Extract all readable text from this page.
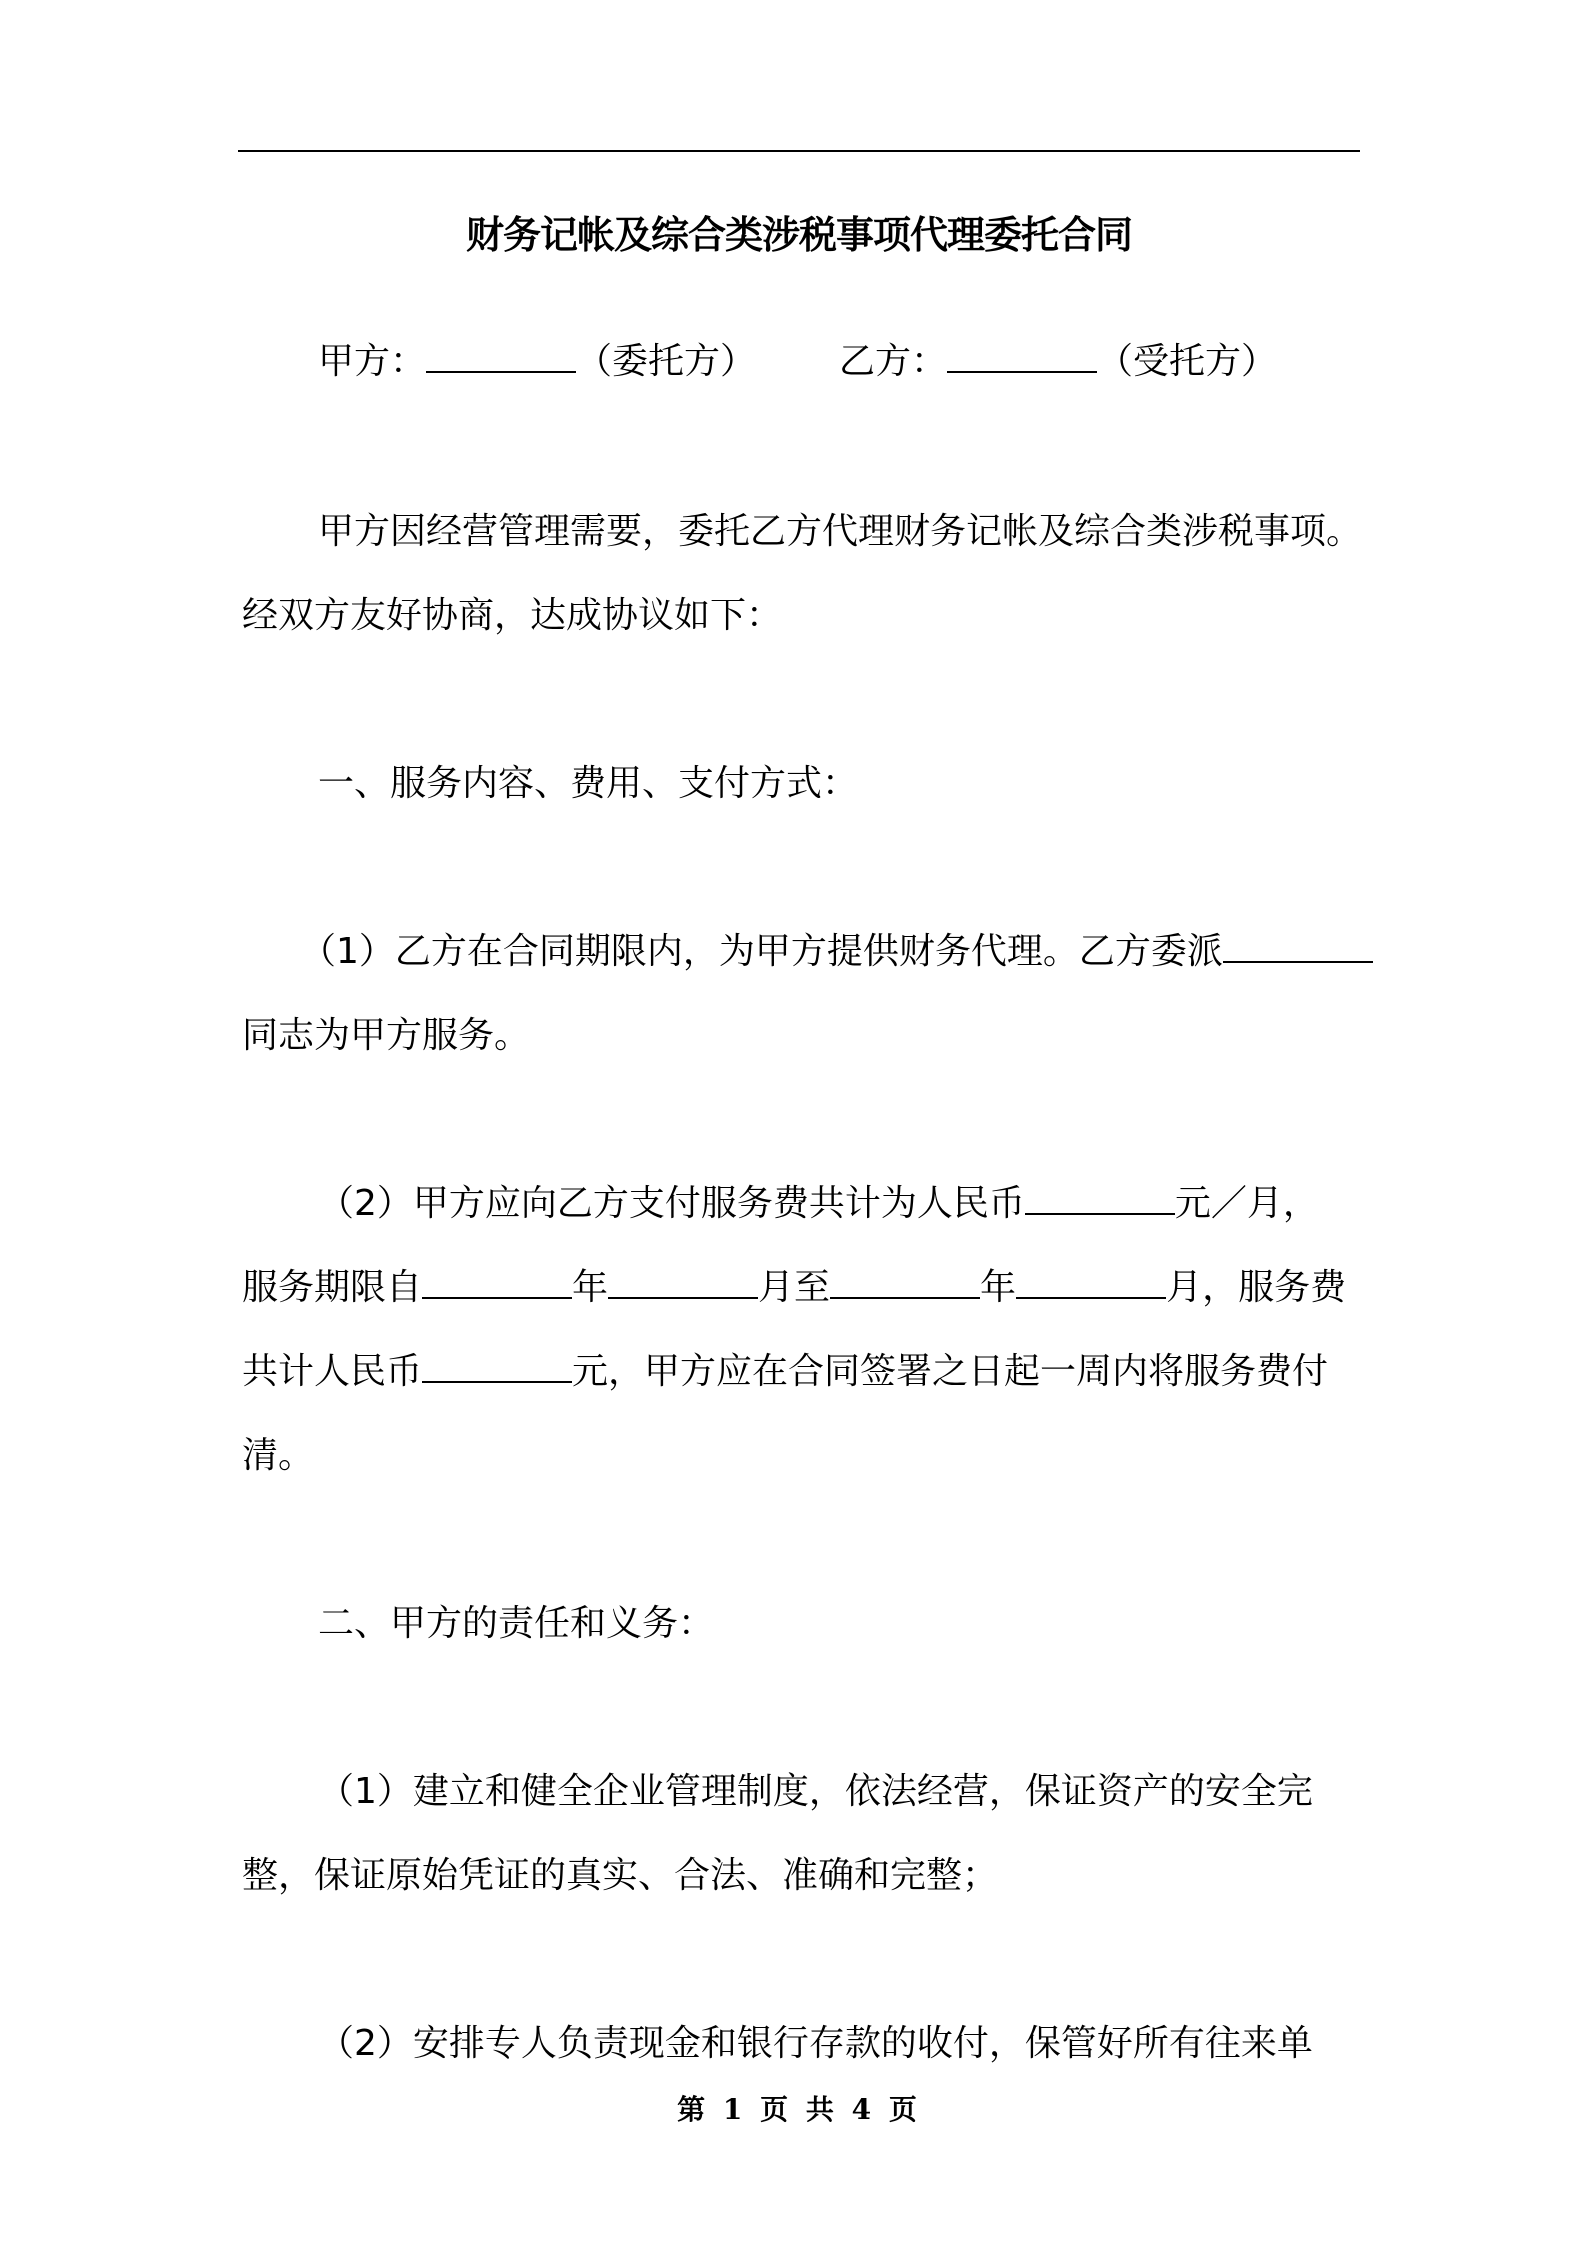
财务记帐及综合类涉税事项代理委托合同
甲方：	（委托方） 乙方：	（受托方）
甲方因经营管理需要，委托乙方代理财务记帐及综合类涉税事项。
经双方友好协商，达成协议如下：
一、服务内容、费用、支付方式：
（1）乙方在合同期限内，为甲方提供财务代理。乙方委派
同志为甲方服务。
（2）甲方应向乙方支付服务费共计为人民币	元／月，
服务期限自	年	月至	年	月，服务费
共计人民币	元，甲方应在合同签署之日起一周内将服务费付
清。
二、甲方的责任和义务：
（1）建立和健全企业管理制度，依法经营，保证资产的安全完
整，保证原始凭证的真实、合法、准确和完整；
（2）安排专人负责现金和银行存款的收付，保管好所有往来单
第 1 页 共 4 页
